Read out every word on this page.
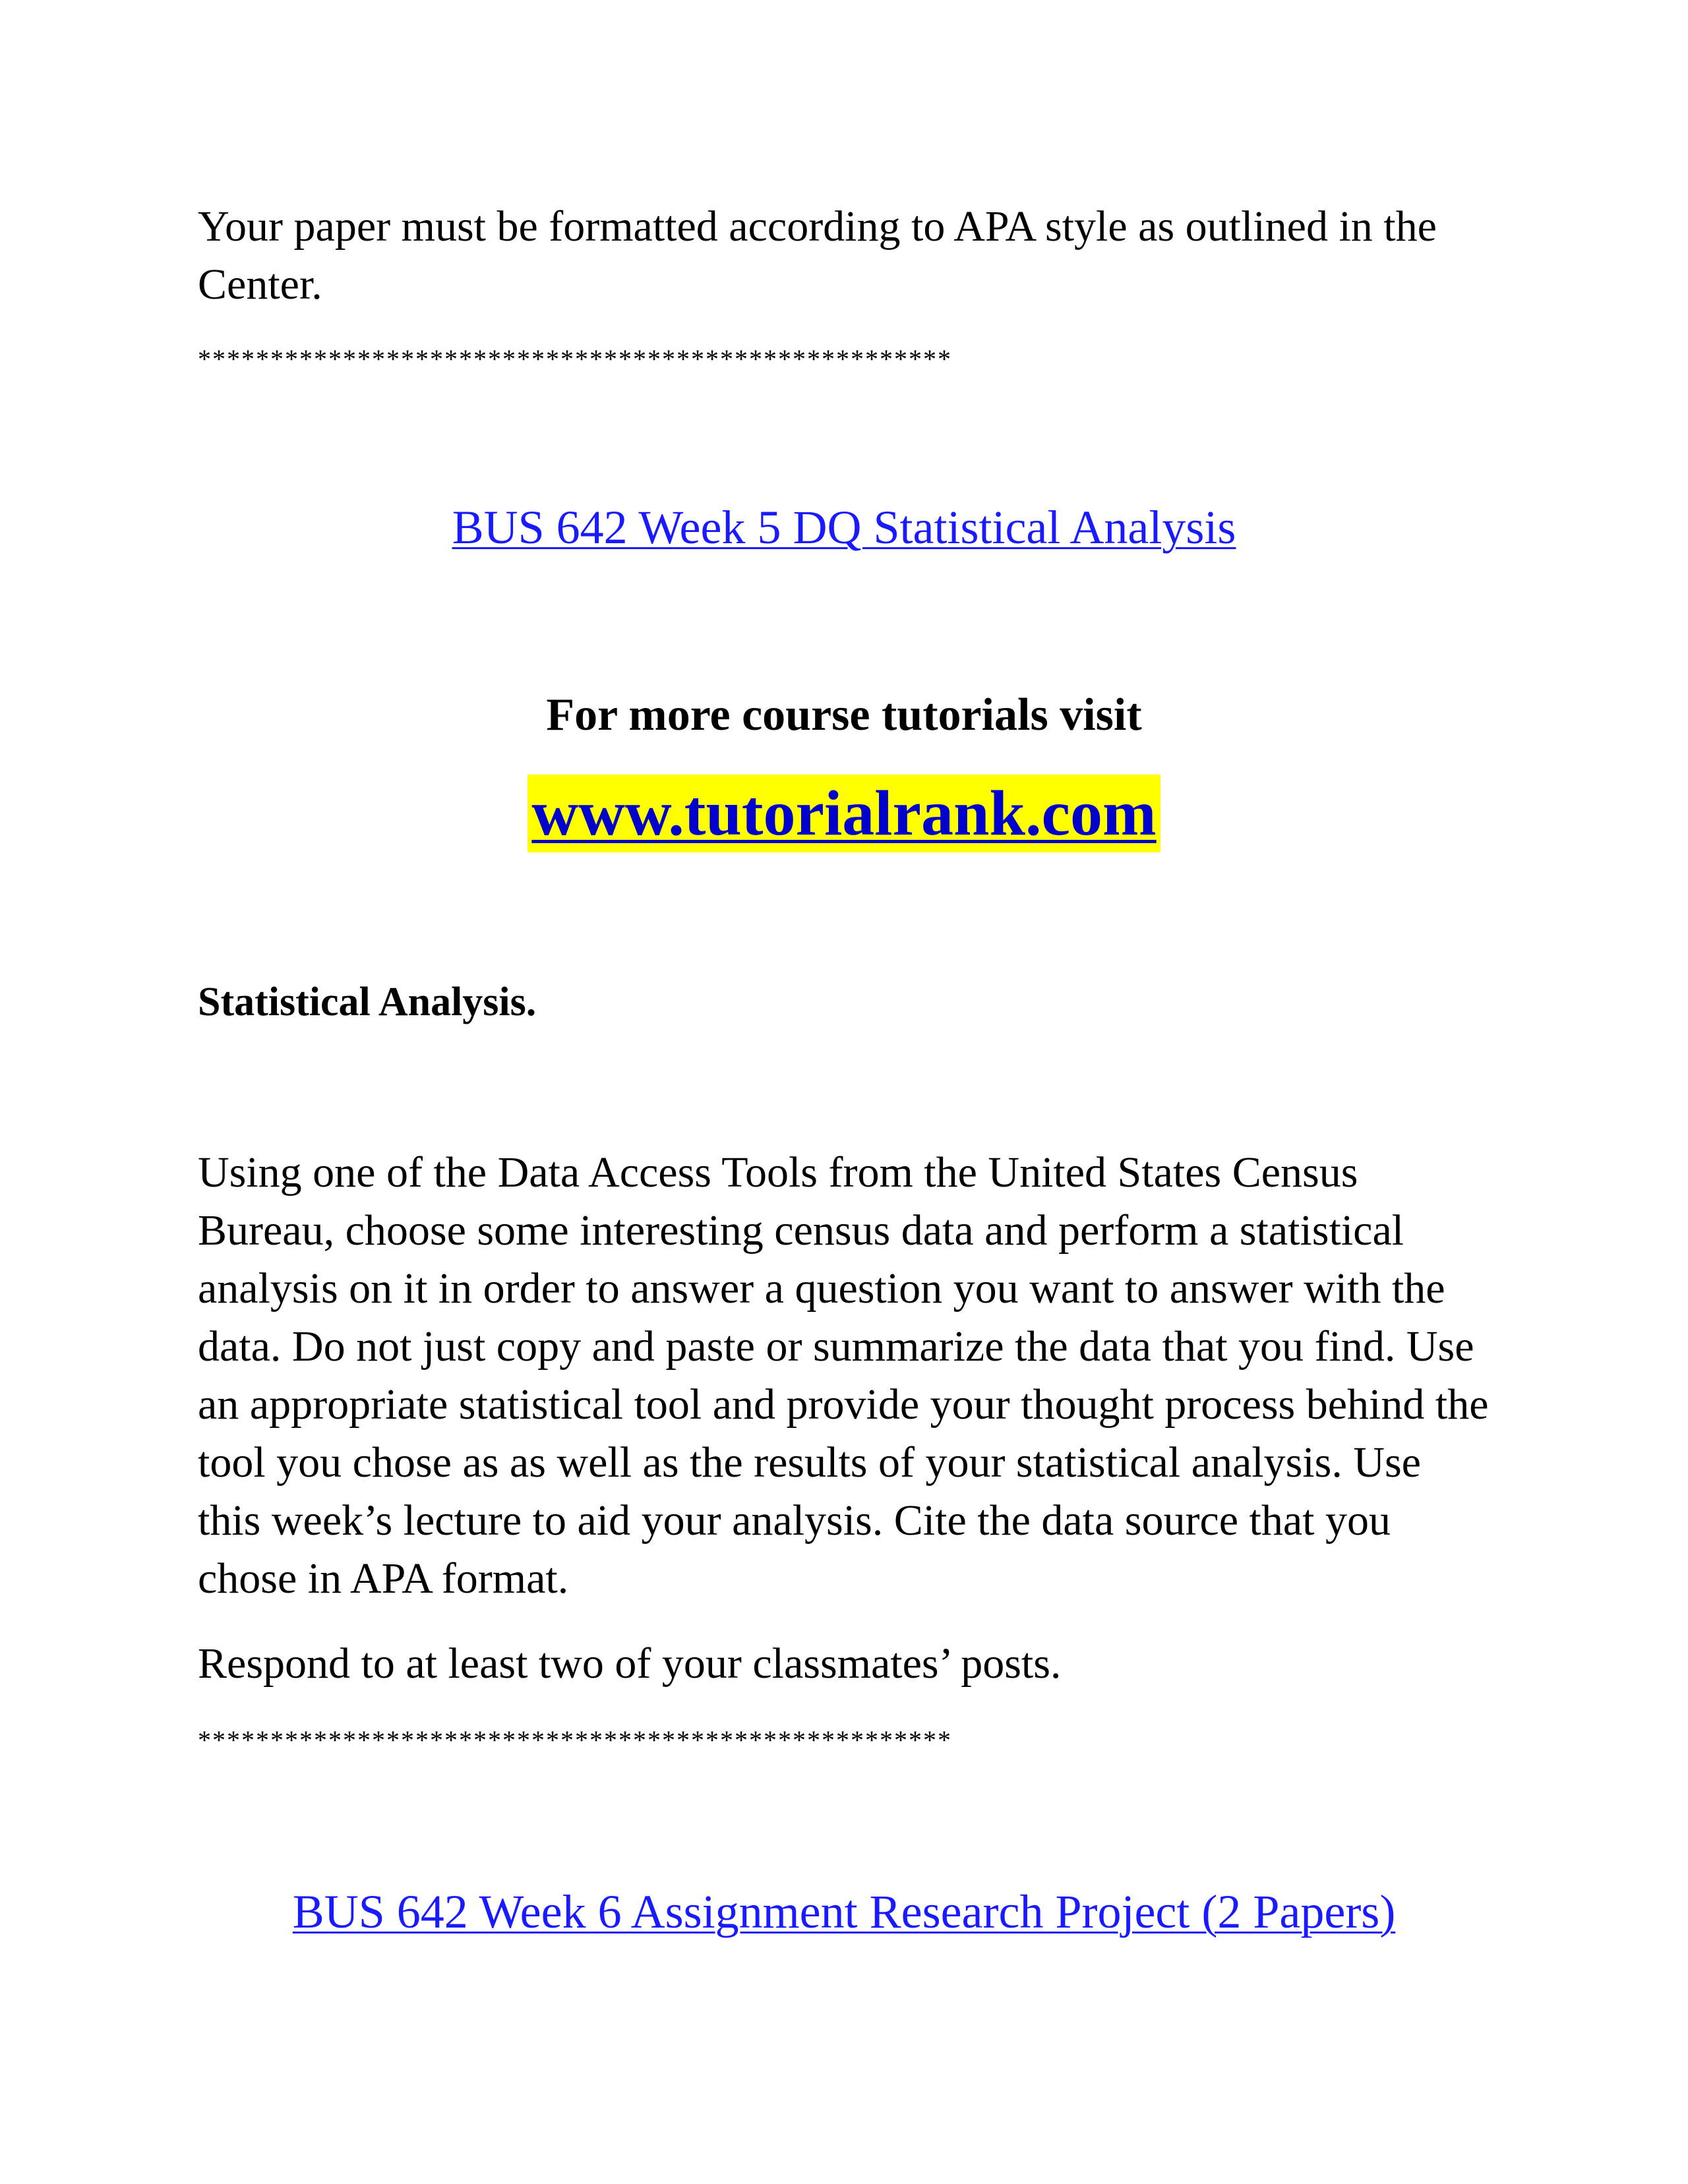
Your paper must be formatted according to APA style as outlined in the Center.

****************************************************

BUS 642 Week 5 DQ Statistical Analysis

For more course tutorials visit

www.tutorialrank.com

Statistical Analysis.

Using one of the Data Access Tools from the United States Census Bureau, choose some interesting census data and perform a statistical analysis on it in order to answer a question you want to answer with the data. Do not just copy and paste or summarize the data that you find. Use an appropriate statistical tool and provide your thought process behind the tool you chose as as well as the results of your statistical analysis. Use this week’s lecture to aid your analysis. Cite the data source that you chose in APA format.

Respond to at least two of your classmates’ posts.

****************************************************

BUS 642 Week 6 Assignment Research Project (2 Papers)
